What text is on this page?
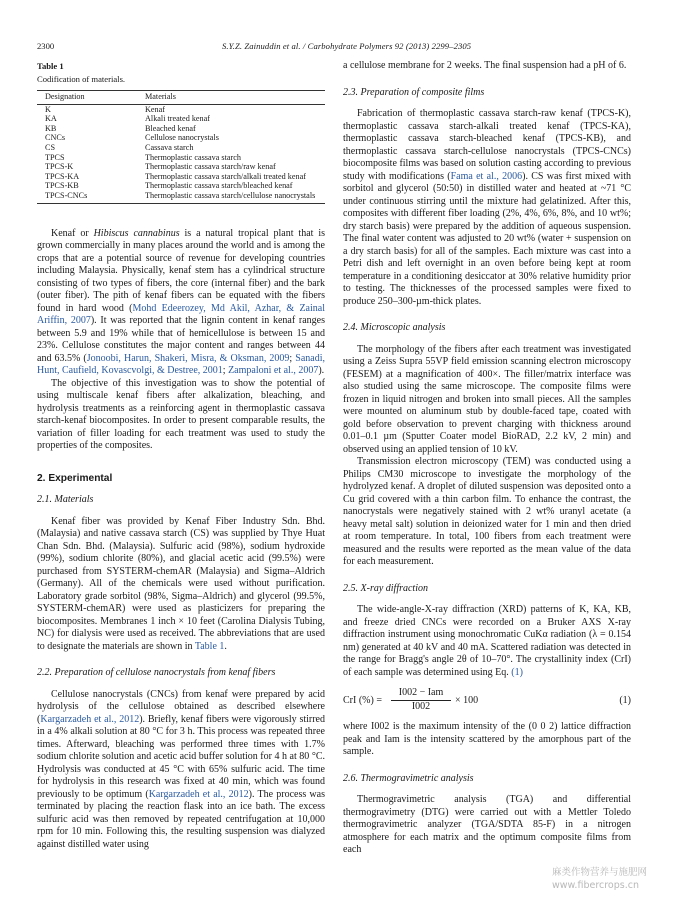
2300	S.Y.Z. Zainuddin et al. / Carbohydrate Polymers 92 (2013) 2299–2305
Table 1
Codification of materials.
Designation	Materials
K	Kenaf
KA	Alkali treated kenaf
KB	Bleached kenaf
CNCs	Cellulose nanocrystals
CS	Cassava starch
TPCS	Thermoplastic cassava starch
TPCS-K	Thermoplastic cassava starch/raw kenaf
TPCS-KA	Thermoplastic cassava starch/alkali treated kenaf
TPCS-KB	Thermoplastic cassava starch/bleached kenaf
TPCS-CNCs	Thermoplastic cassava starch/cellulose nanocrystals

Kenaf or Hibiscus cannabinus is a natural tropical plant that is grown commercially in many places around the world and is among the crops that are a potential source of revenue for developing countries including Malaysia. Physically, kenaf stem has a cylindrical structure consisting of two types of fibers, the core (internal fiber) and the bark (outer fiber). The pith of kenaf fibers can be equated with the fibers found in hard wood (Mohd Edeerozey, Md Akil, Azhar, & Zainal Ariffin, 2007). It was reported that the lignin content in kenaf ranges between 5.9 and 19% while that of hemicellulose is between 15 and 23%. Cellulose constitutes the major content and ranges between 44 and 63.5% (Jonoobi, Harun, Shakeri, Misra, & Oksman, 2009; Sanadi, Hunt, Caufield, Kovascvolgi, & Destree, 2001; Zampaloni et al., 2007).

The objective of this investigation was to show the potential of using multiscale kenaf fibers after alkalization, bleaching, and hydrolysis treatments as a reinforcing agent in thermoplastic cassava starch-kenaf biocomposites. In order to present comparable results, the variation of filler loading for each treatment was used to study the properties of the composites.

2. Experimental
2.1. Materials

Kenaf fiber was provided by Kenaf Fiber Industry Sdn. Bhd. (Malaysia) and native cassava starch (CS) was supplied by Thye Huat Chan Sdn. Bhd. (Malaysia). Sulfuric acid (98%), sodium hydroxide (99%), sodium chlorite (80%), and glacial acetic acid (99.5%) were purchased from SYSTERM-chemAR (Malaysia) and Sigma–Aldrich (Germany). All of the chemicals were used without purification. Laboratory grade sorbitol (98%, Sigma–Aldrich) and glycerol (99.5%, SYSTERM-chemAR) were used as plasticizers for preparing the biocomposites. Membranes 1 inch × 10 feet (Carolina Dialysis Tubing, NC) for dialysis were used as received. The abbreviations that are used to designate the materials are shown in Table 1.

2.2. Preparation of cellulose nanocrystals from kenaf fibers

Cellulose nanocrystals (CNCs) from kenaf were prepared by acid hydrolysis of the cellulose obtained as described elsewhere (Kargarzadeh et al., 2012). Briefly, kenaf fibers were vigorously stirred in a 4% alkali solution at 80 °C for 3 h. This process was repeated three times. Afterward, bleaching was performed three times with 1.7% sodium chlorite solution and acetic acid buffer solution for 4 h at 80 °C. Hydrolysis was conducted at 45 °C with 65% sulfuric acid. The time for hydrolysis in this research was fixed at 40 min, which was found previously to be optimum (Kargarzadeh et al., 2012). The process was terminated by placing the reaction flask into an ice bath. The excess sulfuric acid was then removed by repeated centrifugation at 10,000 rpm for 10 min. Following this, the resulting suspension was dialyzed against distilled water using

a cellulose membrane for 2 weeks. The final suspension had a pH of 6.

2.3. Preparation of composite films

Fabrication of thermoplastic cassava starch-raw kenaf (TPCS-K), thermoplastic cassava starch-alkali treated kenaf (TPCS-KA), thermoplastic cassava starch-bleached kenaf (TPCS-KB), and thermoplastic cassava starch-cellulose nanocrystals (TPCS-CNCs) biocomposite films was based on solution casting according to previous study with modifications (Fama et al., 2006). CS was first mixed with sorbitol and glycerol (50:50) in distilled water and heated at ~71 °C under continuous stirring until the mixture had gelatinized. After this, composites with different fiber loading (2%, 4%, 6%, 8%, and 10 wt%; dry starch basis) were prepared by the addition of aqueous suspension. The final water content was adjusted to 20 wt% (water + suspension on a dry starch basis) for all of the samples. Each mixture was cast into a Petri dish and left overnight in an oven before being kept at room temperature in a conditioning desiccator at 30% relative humidity prior to testing. The thicknesses of the processed samples were fixed to produce 250–300-µm-thick plates.

2.4. Microscopic analysis

The morphology of the fibers after each treatment was investigated using a Zeiss Supra 55VP field emission scanning electron microscopy (FESEM) at a magnification of 400×. The filler/matrix interface was also studied using the same microscope. The composite films were frozen in liquid nitrogen and broken into small pieces. All the samples were mounted on aluminum stub by double-faced tape, coated with gold before observation to prevent charging with thickness around 0.01–0.1 µm (Sputter Coater model BioRAD, 2.2 kV, 2 min) and observed using an applied tension of 10 kV.

Transmission electron microscopy (TEM) was conducted using a Philips CM30 microscope to investigate the morphology of the hydrolyzed kenaf. A droplet of diluted suspension was deposited onto a Cu grid covered with a thin carbon film. To enhance the contrast, the nanocrystals were negatively stained with 2 wt% uranyl acetate (a heavy metal salt) solution in deionized water for 1 min and then dried at room temperature. In total, 100 fibers from each treatment were measured and the results were reported as the mean value of the data for each measurement.

2.5. X-ray diffraction

The wide-angle-X-ray diffraction (XRD) patterns of K, KA, KB, and freeze dried CNCs were recorded on a Bruker AXS X-ray diffraction instrument using monochromatic CuKα radiation (λ = 0.154 nm) generated at 40 kV and 40 mA. Scattered radiation was detected in the range for Bragg's angle 2θ of 10–70°. The crystallinity index (CrI) of each sample was determined using Eq. (1)

CrI (%) =
I002 − Iam
I002	× 100	(1)

where I002 is the maximum intensity of the (0 0 2) lattice diffraction peak and Iam is the intensity scattered by the amorphous part of the sample.

2.6. Thermogravimetric analysis

Thermogravimetric analysis (TGA) and differential thermogravimetry (DTG) were carried out with a Mettler Toledo thermogravimetric analyzer (TGA/SDTA 85-F) in a nitrogen atmosphere for each matrix and the optimum composite films from each

麻类作物营养与施肥网
www.fibercrops.cn
